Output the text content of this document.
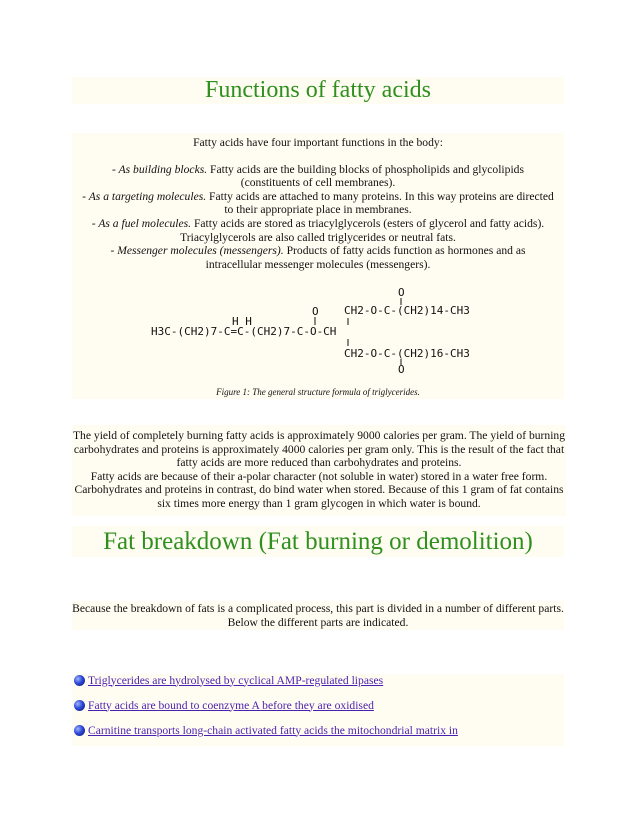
Functions of fatty acids
Fatty acids have four important functions in the body:
- As building blocks. Fatty acids are the building blocks of phospholipids and glycolipids (constituents of cell membranes).
- As a targeting molecules. Fatty acids are attached to many proteins. In this way proteins are directed to their appropriate place in membranes.
- As a fuel molecules. Fatty acids are stored as triacylglycerols (esters of glycerol and fatty acids). Triacylglycerols are also called triglycerides or neutral fats.
- Messenger molecules (messengers). Products of fatty acids function as hormones and as intracellular messenger molecules (messengers).
O
CH2-O-C-(CH2)14-CH3
H H
O
H3C-(CH2)7-C=C-(CH2)7-C-O-CH
CH2-O-C-(CH2)16-CH3
O
Figure 1: The general structure formula of triglycerides.

The yield of completely burning fatty acids is approximately 9000 calories per gram. The yield of burning carbohydrates and proteins is approximately 4000 calories per gram only. This is the result of the fact that fatty acids are more reduced than carbohydrates and proteins.

Fatty acids are because of their a-polar character (not soluble in water) stored in a water free form. Carbohydrates and proteins in contrast, do bind water when stored. Because of this 1 gram of fat contains six times more energy than 1 gram glycogen in which water is bound.

Fat breakdown (Fat burning or demolition)
Because the breakdown of fats is a complicated process, this part is divided in a number of different parts. Below the different parts are indicated.
Triglycerides are hydrolysed by cyclical AMP-regulated lipases
Fatty acids are bound to coenzyme A before they are oxidised
Carnitine transports long-chain activated fatty acids the mitochondrial matrix in
